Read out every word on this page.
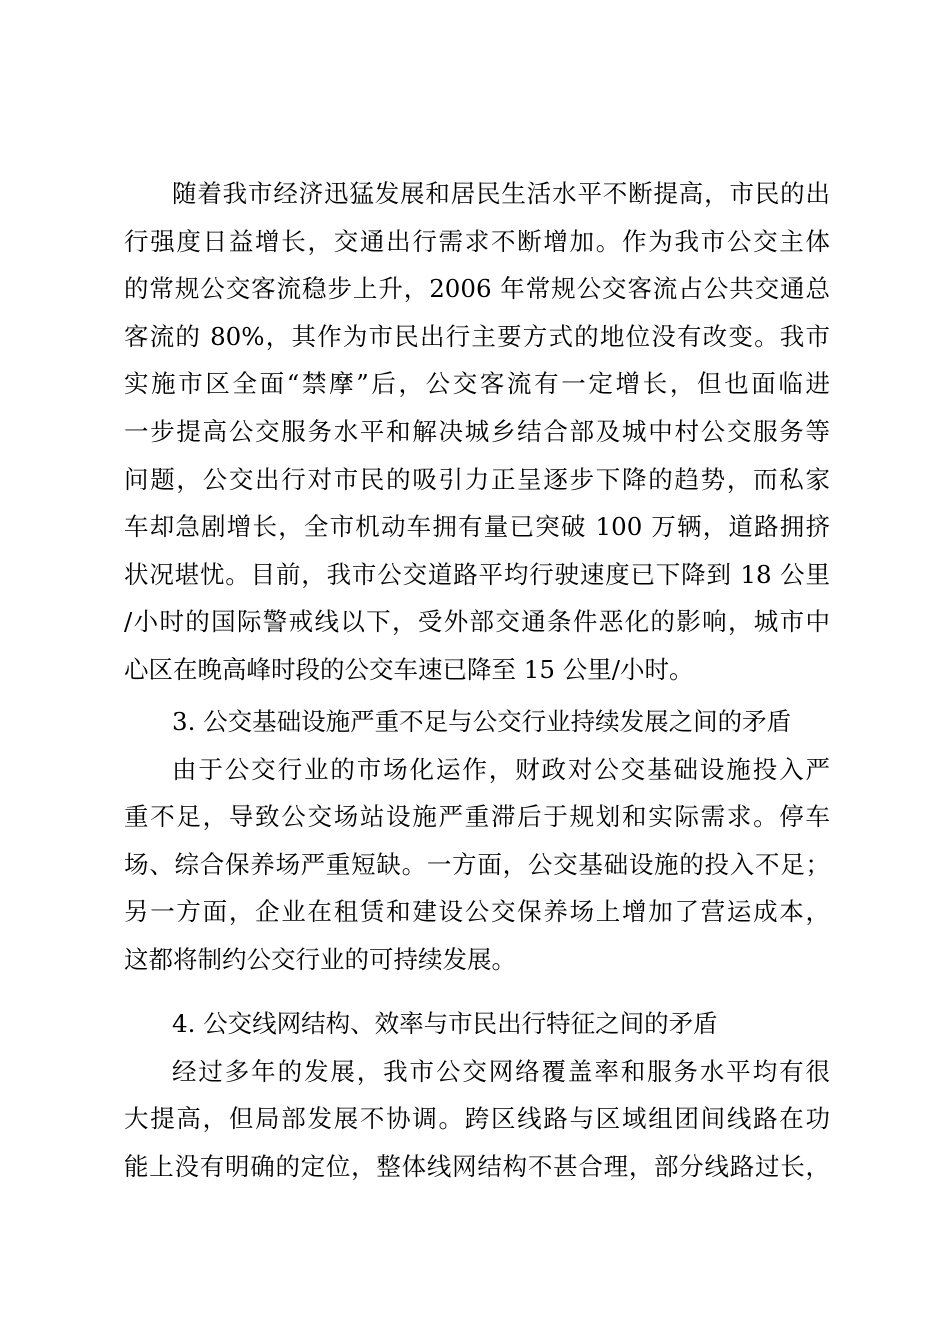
随着我市经济迅猛发展和居民生活水平不断提高，市民的出
行强度日益增长，交通出行需求不断增加。作为我市公交主体
的常规公交客流稳步上升，2006 年常规公交客流占公共交通总
客流的 80%，其作为市民出行主要方式的地位没有改变。我市
实施市区全面“禁摩”后，公交客流有一定增长，但也面临进
一步提高公交服务水平和解决城乡结合部及城中村公交服务等
问题，公交出行对市民的吸引力正呈逐步下降的趋势，而私家
车却急剧增长，全市机动车拥有量已突破 100 万辆，道路拥挤
状况堪忧。目前，我市公交道路平均行驶速度已下降到 18 公里
/小时的国际警戒线以下，受外部交通条件恶化的影响，城市中
心区在晚高峰时段的公交车速已降至 15 公里/小时。
3. 公交基础设施严重不足与公交行业持续发展之间的矛盾
由于公交行业的市场化运作，财政对公交基础设施投入严
重不足，导致公交场站设施严重滞后于规划和实际需求。停车
场、综合保养场严重短缺。一方面，公交基础设施的投入不足；
另一方面，企业在租赁和建设公交保养场上增加了营运成本，
这都将制约公交行业的可持续发展。
4. 公交线网结构、效率与市民出行特征之间的矛盾
经过多年的发展，我市公交网络覆盖率和服务水平均有很
大提高，但局部发展不协调。跨区线路与区域组团间线路在功
能上没有明确的定位，整体线网结构不甚合理，部分线路过长，
